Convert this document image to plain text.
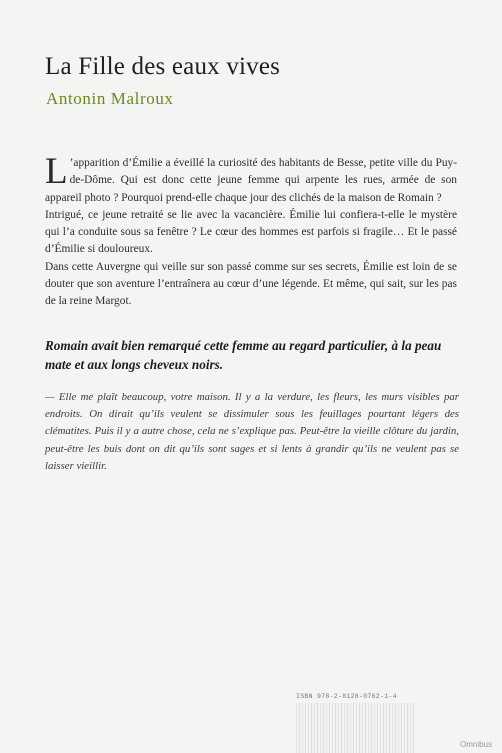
La Fille des eaux vives
Antonin Malroux

L ’apparition d’Émilie a éveillé la curiosité des habitants de Besse, petite ville du Puy-de-Dôme. Qui est donc cette jeune femme qui arpente les rues, armée de son appareil photo ? Pourquoi prend-elle chaque jour des clichés de la maison de Romain ?

Intrigué, ce jeune retraité se lie avec la vacancière. Émilie lui confiera-t-elle le mystère qui l’a conduite sous sa fenêtre ? Le cœur des hommes est parfois si fragile… Et le passé d’Émilie si douloureux.

Dans cette Auvergne qui veille sur son passé comme sur ses secrets, Émilie est loin de se douter que son aventure l’entraînera au cœur d’une légende. Et même, qui sait, sur les pas de la reine Margot.

Romain avait bien remarqué cette femme au regard particulier, à la peau mate et aux longs cheveux noirs.

— Elle me plaît beaucoup, votre maison. Il y a la verdure, les fleurs, les murs visibles par endroits. On dirait qu’ils veulent se dissimuler sous les feuillages pourtant légers des clématites. Puis il y a autre chose, cela ne s’explique pas. Peut-être la vieille clôture du jardin, peut-être les buis dont on dit qu’ils sont sages et si lents à grandir qu’ils ne veulent pas se laisser vieillir.

ISBN 978-2-8128-0762-1-4
Omnibus
